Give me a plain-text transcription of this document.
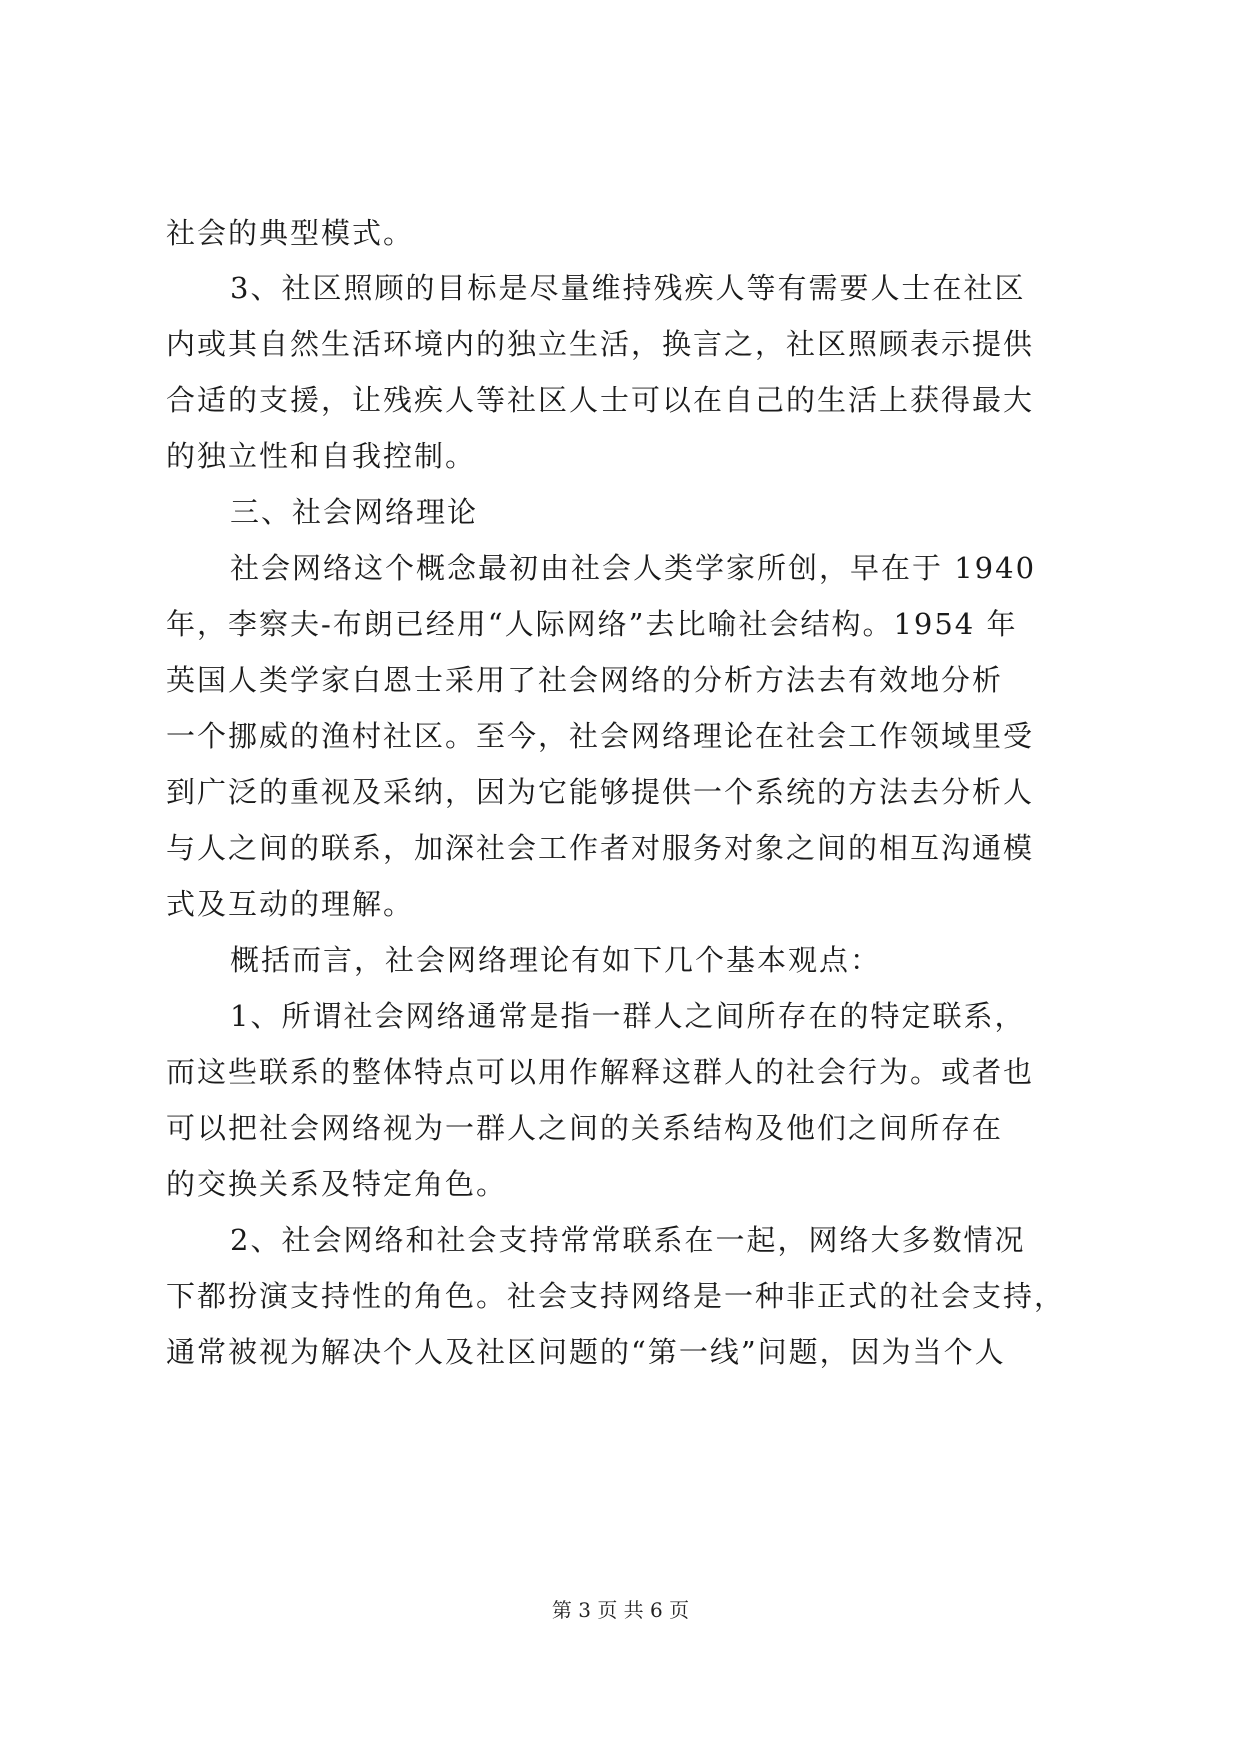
社会的典型模式。
3、社区照顾的目标是尽量维持残疾人等有需要人士在社区
内或其自然生活环境内的独立生活，换言之，社区照顾表示提供
合适的支援，让残疾人等社区人士可以在自己的生活上获得最大
的独立性和自我控制。
三、社会网络理论
社会网络这个概念最初由社会人类学家所创，早在于 1940
年，李察夫-布朗已经用“人际网络”去比喻社会结构。1954 年
英国人类学家白恩士采用了社会网络的分析方法去有效地分析
一个挪威的渔村社区。至今，社会网络理论在社会工作领域里受
到广泛的重视及采纳，因为它能够提供一个系统的方法去分析人
与人之间的联系，加深社会工作者对服务对象之间的相互沟通模
式及互动的理解。
概括而言，社会网络理论有如下几个基本观点：
1、所谓社会网络通常是指一群人之间所存在的特定联系，
而这些联系的整体特点可以用作解释这群人的社会行为。或者也
可以把社会网络视为一群人之间的关系结构及他们之间所存在
的交换关系及特定角色。
2、社会网络和社会支持常常联系在一起，网络大多数情况
下都扮演支持性的角色。社会支持网络是一种非正式的社会支持，
通常被视为解决个人及社区问题的“第一线”问题，因为当个人
第 3 页 共 6 页
